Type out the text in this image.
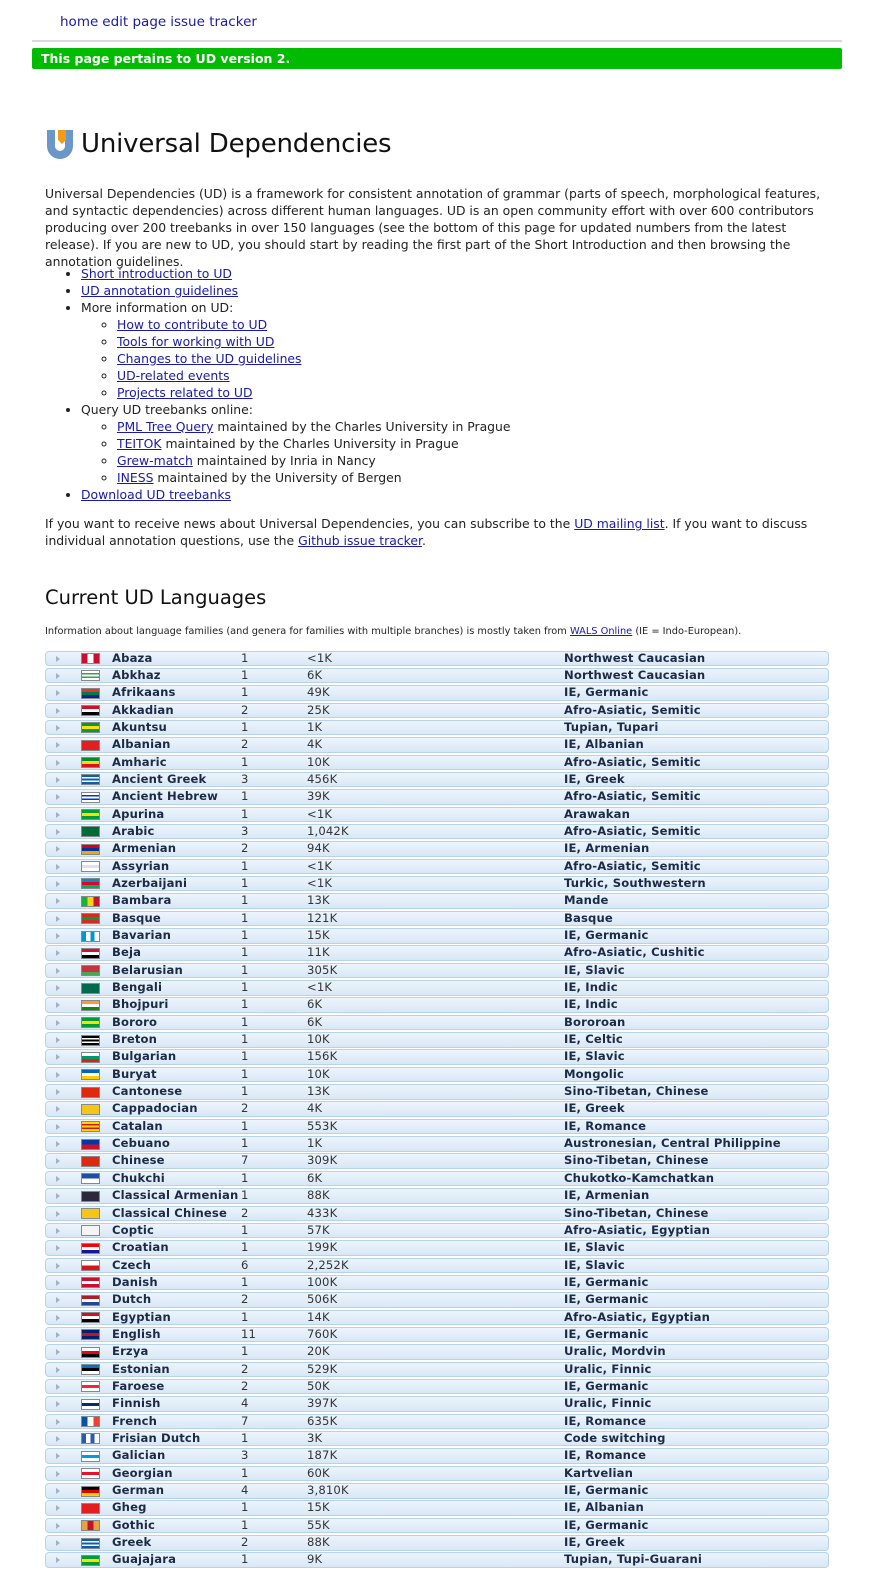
home edit page issue tracker
This page pertains to UD version 2.
Universal Dependencies

Universal Dependencies (UD) is a framework for consistent annotation of grammar (parts of speech, morphological features, and syntactic dependencies) across different human languages. UD is an open community effort with over 600 contributors producing over 200 treebanks in over 150 languages (see the bottom of this page for updated numbers from the latest release). If you are new to UD, you should start by reading the first part of the Short Introduction and then browsing the annotation guidelines.

• Short introduction to UD
• UD annotation guidelines
• More information on UD:
◦ How to contribute to UD
◦ Tools for working with UD
◦ Changes to the UD guidelines
◦ UD-related events
◦ Projects related to UD
• Query UD treebanks online:
◦ PML Tree Query maintained by the Charles University in Prague
◦ TEITOK maintained by the Charles University in Prague
◦ Grew-match maintained by Inria in Nancy
◦ INESS maintained by the University of Bergen
• Download UD treebanks

If you want to receive news about Universal Dependencies, you can subscribe to the UD mailing list. If you want to discuss individual annotation questions, use the Github issue tracker.

Current UD Languages

Information about language families (and genera for families with multiple branches) is mostly taken from WALS Online (IE = Indo-European).

Abaza	1	<1K	Northwest Caucasian
Abkhaz	1	6K	Northwest Caucasian
Afrikaans	1	49K	IE, Germanic
Akkadian	2	25K	Afro-Asiatic, Semitic
Akuntsu	1	1K	Tupian, Tupari
Albanian	2	4K	IE, Albanian
Amharic	1	10K	Afro-Asiatic, Semitic
Ancient Greek	3	456K	IE, Greek
Ancient Hebrew 1	39K	Afro-Asiatic, Semitic
Apurina	1	<1K	Arawakan
Arabic	3	1,042K	Afro-Asiatic, Semitic
Armenian	2	94K	IE, Armenian
Assyrian	1	<1K	Afro-Asiatic, Semitic
Azerbaijani	1	<1K	Turkic, Southwestern
Bambara	1	13K	Mande
Basque	1	121K	Basque
Bavarian	1	15K	IE, Germanic
Beja	1	11K	Afro-Asiatic, Cushitic
Belarusian	1	305K	IE, Slavic
Bengali	1	<1K	IE, Indic
Bhojpuri	1	6K	IE, Indic
Bororo	1	6K	Bororoan
Breton	1	10K	IE, Celtic
Bulgarian	1	156K	IE, Slavic
Buryat	1	10K	Mongolic
Cantonese	1	13K	Sino-Tibetan, Chinese
Cappadocian	2	4K	IE, Greek
Catalan	1	553K	IE, Romance
Cebuano	1	1K	Austronesian, Central Philippine
Chinese	7	309K	Sino-Tibetan, Chinese
Chukchi	1	6K	Chukotko-Kamchatkan
Classical Armenian 1	88K	IE, Armenian
Classical Chinese 2	433K	Sino-Tibetan, Chinese
Coptic	1	57K	Afro-Asiatic, Egyptian
Croatian	1	199K	IE, Slavic
Czech	6	2,252K	IE, Slavic
Danish	1	100K	IE, Germanic
Dutch	2	506K	IE, Germanic
Egyptian	1	14K	Afro-Asiatic, Egyptian
English	11	760K	IE, Germanic
Erzya	1	20K	Uralic, Mordvin
Estonian	2	529K	Uralic, Finnic
Faroese	2	50K	IE, Germanic
Finnish	4	397K	Uralic, Finnic
French	7	635K	IE, Romance
Frisian Dutch	1	3K	Code switching
Galician	3	187K	IE, Romance
Georgian	1	60K	Kartvelian
German	4	3,810K	IE, Germanic
Gheg	1	15K	IE, Albanian
Gothic	1	55K	IE, Germanic
Greek	2	88K	IE, Greek
Guajajara	1	9K	Tupian, Tupi-Guarani
